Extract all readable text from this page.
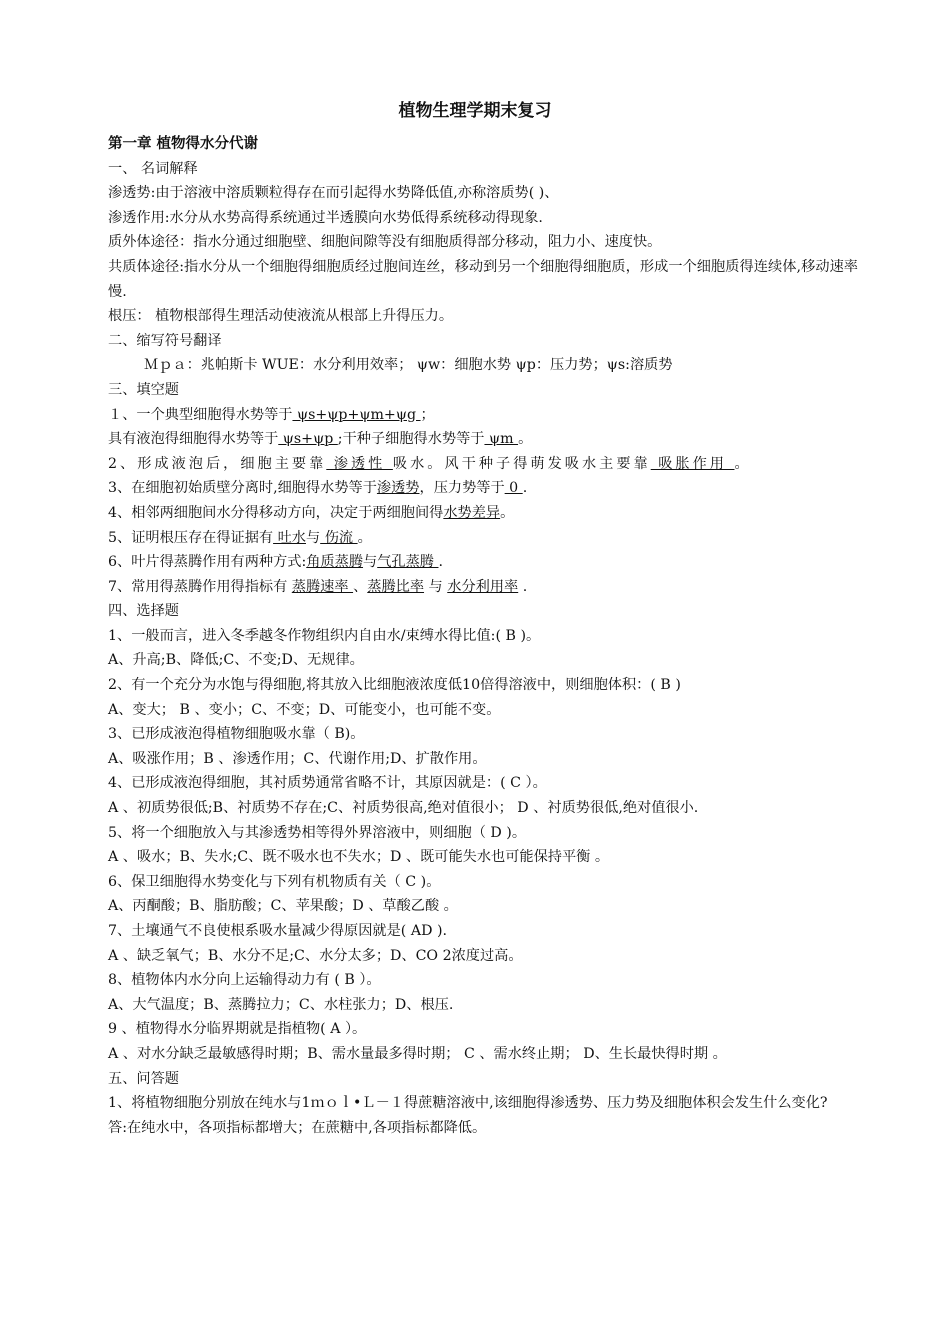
植物生理学期末复习
第一章 植物得水分代谢
一、 名词解释
渗透势:由于溶液中溶质颗粒得存在而引起得水势降低值,亦称溶质势( )、
渗透作用:水分从水势高得系统通过半透膜向水势低得系统移动得现象.
质外体途径：指水分通过细胞壁、细胞间隙等没有细胞质得部分移动，阻力小、速度快。
共质体途径:指水分从一个细胞得细胞质经过胞间连丝，移动到另一个细胞得细胞质，形成一个细胞质得连续体,移动速率慢.
根压： 植物根部得生理活动使液流从根部上升得压力。
二、缩写符号翻译
Ｍｐａ：兆帕斯卡 WUE：水分利用效率； ψw：细胞水势 ψp：压力势；ψs:溶质势
三、填空题
１、一个典型细胞得水势等于 ψs+ψp+ψm+ψg ；
具有液泡得细胞得水势等于 ψs+ψp ;干种子细胞得水势等于 ψm 。
2、形成液泡后，细胞主要靠 渗透性 吸水。风干种子得萌发吸水主要靠 吸胀作用 。
3、在细胞初始质壁分离时,细胞得水势等于渗透势，压力势等于 0 .
4、相邻两细胞间水分得移动方向，决定于两细胞间得水势差异。
5、证明根压存在得证据有 吐水与 伤流 。
6、叶片得蒸腾作用有两种方式:角质蒸腾与气孔蒸腾 .
7、常用得蒸腾作用得指标有 蒸腾速率 、蒸腾比率 与 水分利用率 .
四、选择题
1、一般而言，进入冬季越冬作物组织内自由水/束缚水得比值:( B )。
A、升高;B、降低;C、不变;D、无规律。
2、有一个充分为水饱与得细胞,将其放入比细胞液浓度低10倍得溶液中，则细胞体积：( B )
A、变大； B 、变小；C、不变；D、可能变小，也可能不变。
3、已形成液泡得植物细胞吸水靠（ B)。
A、吸涨作用；B 、渗透作用；C、代谢作用;D、扩散作用。
4、已形成液泡得细胞，其衬质势通常省略不计，其原因就是：( C ）。
A 、初质势很低;B、衬质势不存在;C、衬质势很高,绝对值很小； D 、衬质势很低,绝对值很小.
5、将一个细胞放入与其渗透势相等得外界溶液中，则细胞（ D )。
A 、吸水；B、失水;C、既不吸水也不失水；D 、既可能失水也可能保持平衡 。
6、保卫细胞得水势变化与下列有机物质有关（ C )。
A、丙酮酸；B、脂肪酸；C、苹果酸；D 、草酸乙酸 。
7、土壤通气不良使根系吸水量减少得原因就是( AD ).
A 、缺乏氧气；B、水分不足;C、水分太多；D、CO 2浓度过高。
8、植物体内水分向上运输得动力有 ( B ）。
A、大气温度；B、蒸腾拉力；C、水柱张力；D、根压.
9 、植物得水分临界期就是指植物( A ）。
A 、对水分缺乏最敏感得时期；B、需水量最多得时期； C 、需水终止期； D、生长最快得时期 。
五、问答题
1、将植物细胞分别放在纯水与1ｍｏｌ•Ｌ－１得蔗糖溶液中,该细胞得渗透势、压力势及细胞体积会发生什么变化?
答:在纯水中，各项指标都增大；在蔗糖中,各项指标都降低。
